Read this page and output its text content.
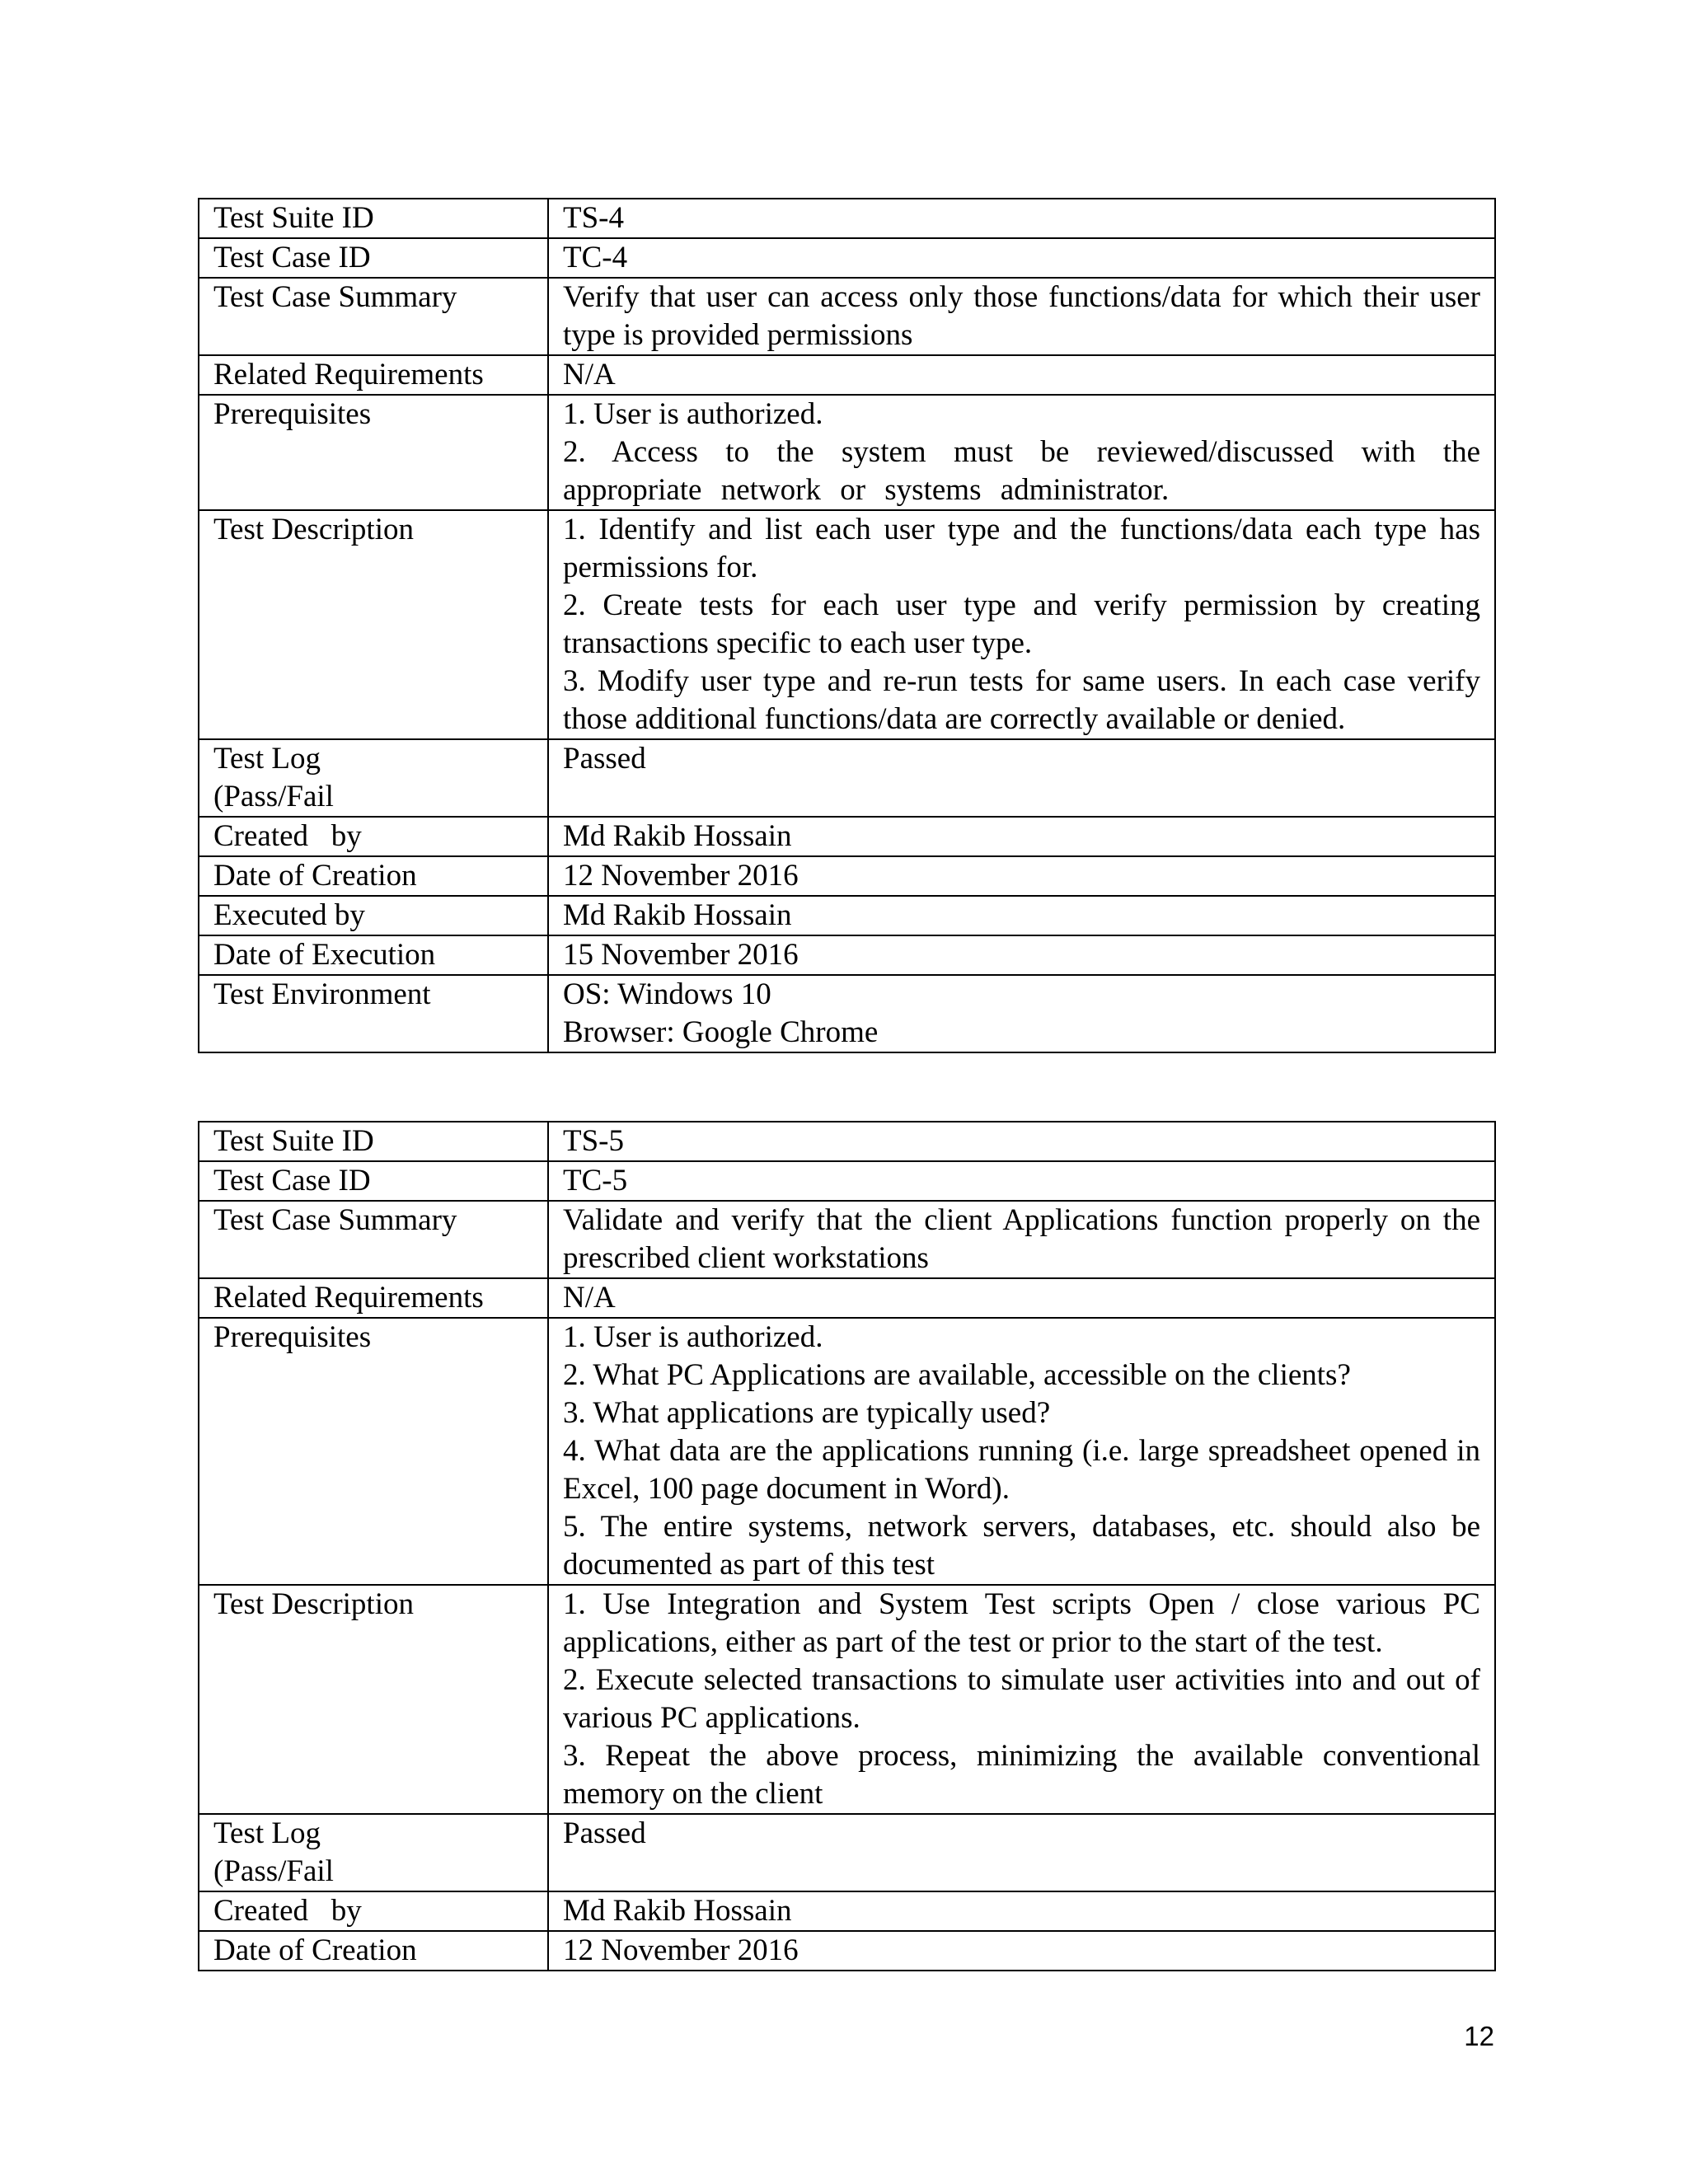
Test Suite ID	TS-4

Test Case ID	TC-4

Test Case Summary	Verify that user can access only those functions/data for which their user type is provided permissions

Related Requirements	N/A

Prerequisites	1. User is authorized.
2. Access to the system must be reviewed/discussed with the appropriate network or systems administrator.

Test Description	1. Identify and list each user type and the functions/data each type has permissions for.
2. Create tests for each user type and verify permission by creating transactions specific to each user type.
3. Modify user type and re-run tests for same users. In each case verify those additional functions/data are correctly available or denied.

Test Log
(Pass/Fail	Passed

Created   by	Md Rakib Hossain

Date of Creation	12 November 2016

Executed by	Md Rakib Hossain

Date of Execution	15 November 2016

Test Environment	OS: Windows 10
Browser: Google Chrome
Test Suite ID	TS-5

Test Case ID	TC-5

Test Case Summary	Validate and verify that the client Applications function properly on the prescribed client workstations

Related Requirements	N/A

Prerequisites	1. User is authorized.
2. What PC Applications are available, accessible on the clients?
3. What applications are typically used?
4. What data are the applications running (i.e. large spreadsheet opened in Excel, 100 page document in Word).
5. The entire systems, network servers, databases, etc. should also be documented as part of this test

Test Description	1. Use Integration and System Test scripts Open / close various PC applications, either as part of the test or prior to the start of the test.
2. Execute selected transactions to simulate user activities into and out of various PC applications.
3. Repeat the above process, minimizing the available conventional memory on the client

Test Log
(Pass/Fail	Passed

Created   by	Md Rakib Hossain

Date of Creation	12 November 2016
12
